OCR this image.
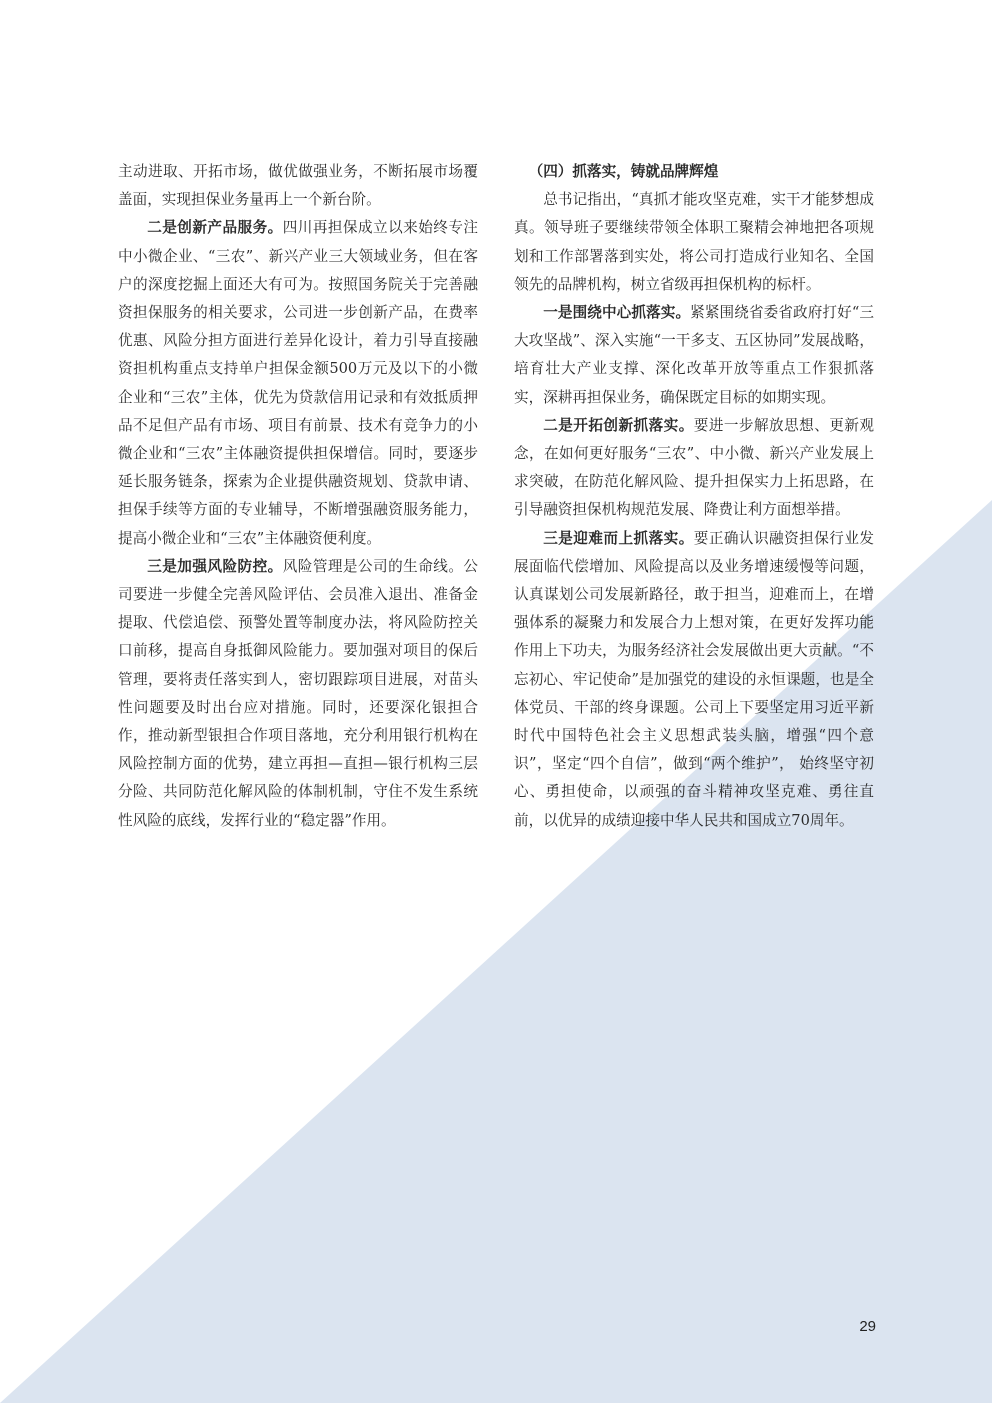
主动进取、开拓市场，做优做强业务，不断拓展市场覆盖面，实现担保业务量再上一个新台阶。

二是创新产品服务。四川再担保成立以来始终专注中小微企业、“三农”、新兴产业三大领域业务，但在客户的深度挖掘上面还大有可为。按照国务院关于完善融资担保服务的相关要求，公司进一步创新产品，在费率优惠、风险分担方面进行差异化设计，着力引导直接融资担机构重点支持单户担保金额500万元及以下的小微企业和“三农”主体，优先为贷款信用记录和有效抵质押品不足但产品有市场、项目有前景、技术有竞争力的小微企业和“三农”主体融资提供担保增信。同时，要逐步延长服务链条，探索为企业提供融资规划、贷款申请、担保手续等方面的专业辅导，不断增强融资服务能力，提高小微企业和“三农”主体融资便利度。

三是加强风险防控。风险管理是公司的生命线。公司要进一步健全完善风险评估、会员准入退出、准备金提取、代偿追偿、预警处置等制度办法，将风险防控关口前移，提高自身抵御风险能力。要加强对项目的保后管理，要将责任落实到人，密切跟踪项目进展，对苗头性问题要及时出台应对措施。同时，还要深化银担合作，推动新型银担合作项目落地，充分利用银行机构在风险控制方面的优势，建立再担—直担—银行机构三层分险、共同防范化解风险的体制机制，守住不发生系统性风险的底线，发挥行业的“稳定器”作用。

（四）抓落实，铸就品牌辉煌

总书记指出，“真抓才能攻坚克难，实干才能梦想成真。领导班子要继续带领全体职工聚精会神地把各项规划和工作部署落到实处，将公司打造成行业知名、全国领先的品牌机构，树立省级再担保机构的标杆。

一是围绕中心抓落实。紧紧围绕省委省政府打好“三大攻坚战”、深入实施“一干多支、五区协同”发展战略，培育壮大产业支撑、深化改革开放等重点工作狠抓落实，深耕再担保业务，确保既定目标的如期实现。

二是开拓创新抓落实。要进一步解放思想、更新观念，在如何更好服务“三农”、中小微、新兴产业发展上求突破，在防范化解风险、提升担保实力上拓思路，在引导融资担保机构规范发展、降费让利方面想举措。

三是迎难而上抓落实。要正确认识融资担保行业发展面临代偿增加、风险提高以及业务增速缓慢等问题，认真谋划公司发展新路径，敢于担当，迎难而上，在增强体系的凝聚力和发展合力上想对策，在更好发挥功能作用上下功夫，为服务经济社会发展做出更大贡献。“不忘初心、牢记使命”是加强党的建设的永恒课题，也是全体党员、干部的终身课题。公司上下要坚定用习近平新时代中国特色社会主义思想武装头脑，增强“四个意识”，坚定“四个自信”，做到“两个维护”， 始终坚守初心、勇担使命，以顽强的奋斗精神攻坚克难、勇往直前，以优异的成绩迎接中华人民共和国成立70周年。

29
